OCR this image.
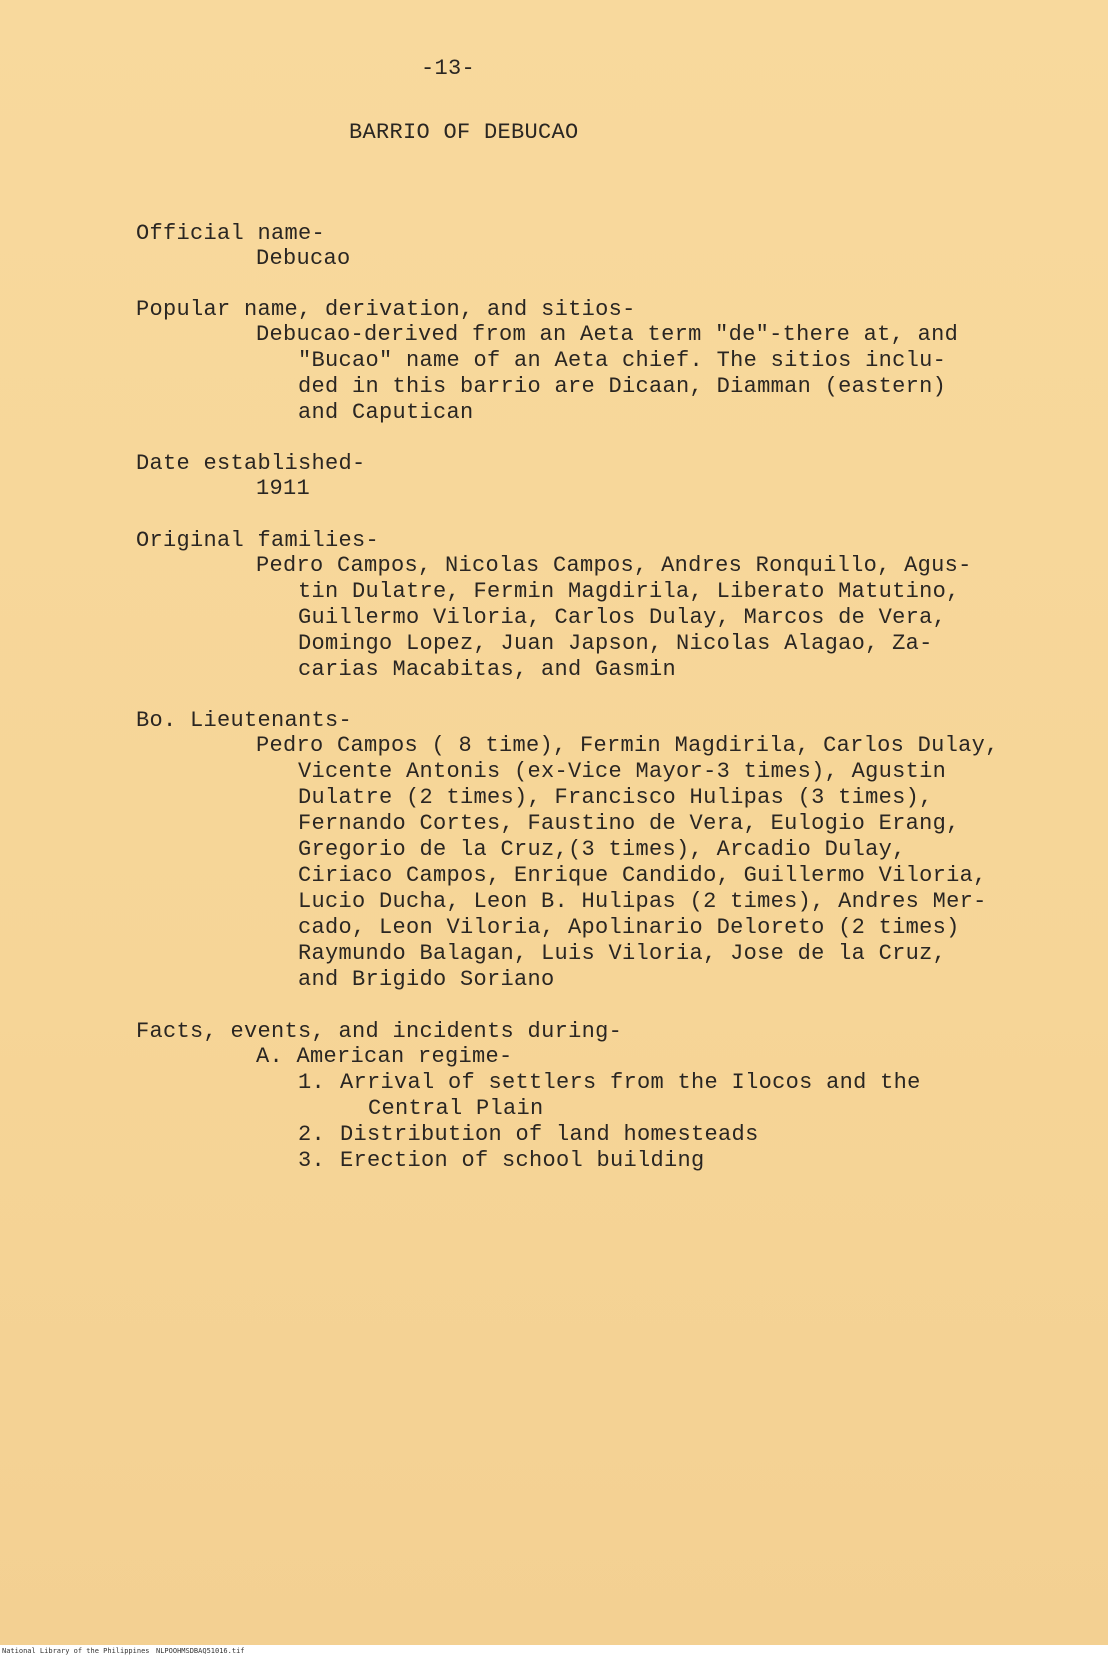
-13-
BARRIO OF DEBUCAO
Official name-
Debucao
Popular name, derivation, and sitios-
Debucao-derived from an Aeta term "de"-there at, and
"Bucao" name of an Aeta chief. The sitios inclu-
ded in this barrio are Dicaan, Diamman (eastern)
and Caputican
Date established-
1911
Original families-
Pedro Campos, Nicolas Campos, Andres Ronquillo, Agus-
tin Dulatre, Fermin Magdirila, Liberato Matutino,
Guillermo Viloria, Carlos Dulay, Marcos de Vera,
Domingo Lopez, Juan Japson, Nicolas Alagao, Za-
carias Macabitas, and Gasmin
Bo. Lieutenants-
Pedro Campos ( 8 time), Fermin Magdirila, Carlos Dulay,
Vicente Antonis (ex-Vice Mayor-3 times), Agustin
Dulatre (2 times), Francisco Hulipas (3 times),
Fernando Cortes, Faustino de Vera, Eulogio Erang,
Gregorio de la Cruz,(3 times), Arcadio Dulay,
Ciriaco Campos, Enrique Candido, Guillermo Viloria,
Lucio Ducha, Leon B. Hulipas (2 times), Andres Mer-
cado, Leon Viloria, Apolinario Deloreto (2 times)
Raymundo Balagan, Luis Viloria, Jose de la Cruz,
and Brigido Soriano
Facts, events, and incidents during-
A. American regime-
1. Arrival of settlers from the Ilocos and the
Central Plain
2. Distribution of land homesteads
3. Erection of school building
National Library of the Philippines NLPOOHMSDBAQ51016.tif
